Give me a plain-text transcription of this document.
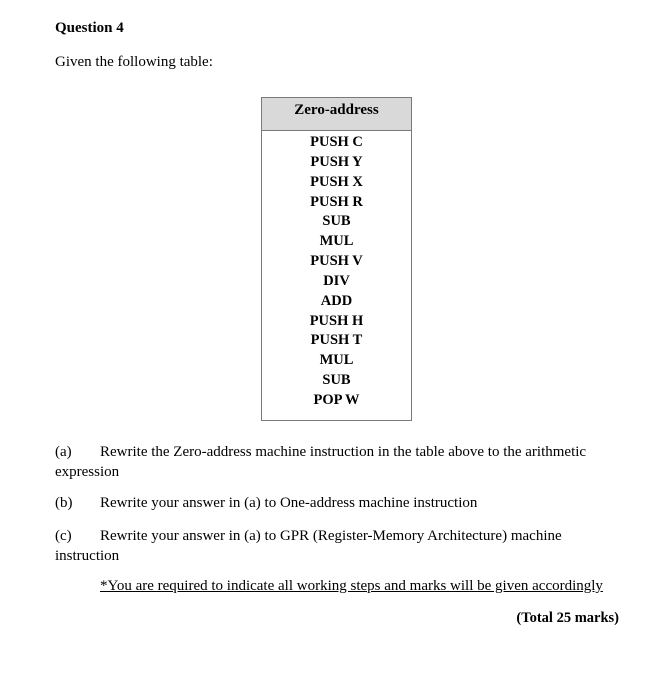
Question 4
Given the following table:
Zero-address
PUSH C
PUSH Y
PUSH X
PUSH R
SUB
MUL
PUSH V
DIV
ADD
PUSH H
PUSH T
MUL
SUB
POP W
(a) Rewrite the Zero-address machine instruction in the table above to the arithmetic expression
(b) Rewrite your answer in (a) to One-address machine instruction
(c) Rewrite your answer in (a) to GPR (Register-Memory Architecture) machine instruction
*You are required to indicate all working steps and marks will be given accordingly
(Total 25 marks)
